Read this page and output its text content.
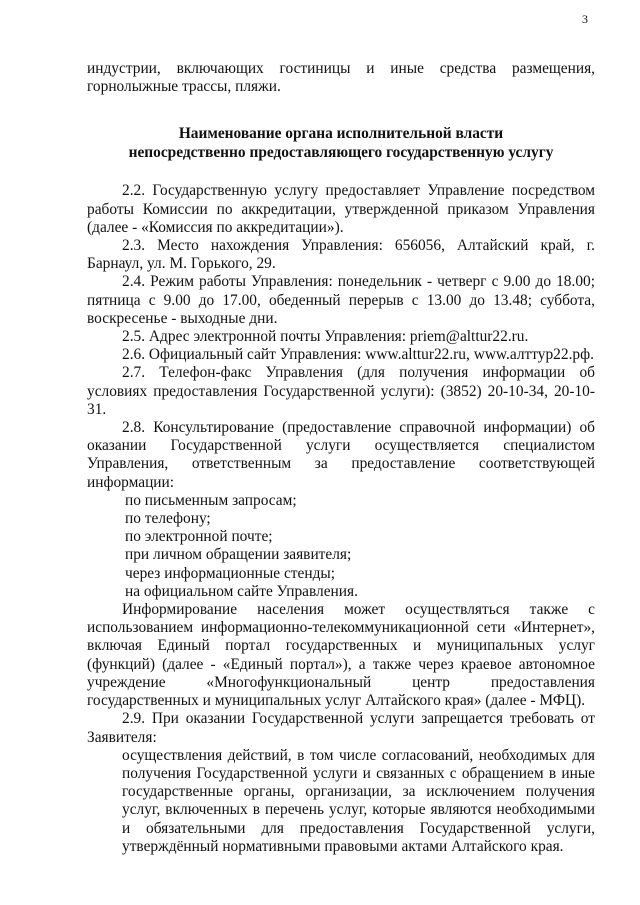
3

индустрии, включающих гостиницы и иные средства размещения,

горнолыжные трассы, пляжи.

Наименование органа исполнительной власти
непосредственно предоставляющего государственную услугу

2.2. Государственную услугу предоставляет Управление посредством работы Комиссии по аккредитации, утвержденной приказом Управления (далее - «Комиссия по аккредитации»).

2.3. Место нахождения Управления: 656056, Алтайский край, г. Барнаул, ул. М. Горького, 29.

2.4. Режим работы Управления: понедельник - четверг с 9.00 до 18.00; пятница с 9.00 до 17.00, обеденный перерыв с 13.00 до 13.48; суббота, воскресенье - выходные дни.

2.5. Адрес электронной почты Управления: priem@alttur22.ru.

2.6. Официальный сайт Управления: www.alttur22.ru, www.алттур22.рф.

2.7. Телефон-факс Управления (для получения информации об условиях предоставления Государственной услуги): (3852) 20-10-34, 20-10-31.

2.8. Консультирование (предоставление справочной информации) об оказании Государственной услуги осуществляется специалистом Управления, ответственным за предоставление соответствующей информации:

по письменным запросам;

по телефону;

по электронной почте;

при личном обращении заявителя;

через информационные стенды;

на официальном сайте Управления.

Информирование населения может осуществляться также с использованием информационно-телекоммуникационной сети «Интернет», включая Единый портал государственных и муниципальных услуг (функций) (далее - «Единый портал»), а также через краевое автономное учреждение «Многофункциональный центр предоставления государственных и муниципальных услуг Алтайского края» (далее - МФЦ).

2.9. При оказании Государственной услуги запрещается требовать от Заявителя:

осуществления действий, в том числе согласований, необходимых для получения Государственной услуги и связанных с обращением в иные государственные органы, организации, за исключением получения услуг, включенных в перечень услуг, которые являются необходимыми и обязательными для предоставления Государственной услуги, утверждённый нормативными правовыми актами Алтайского края.
